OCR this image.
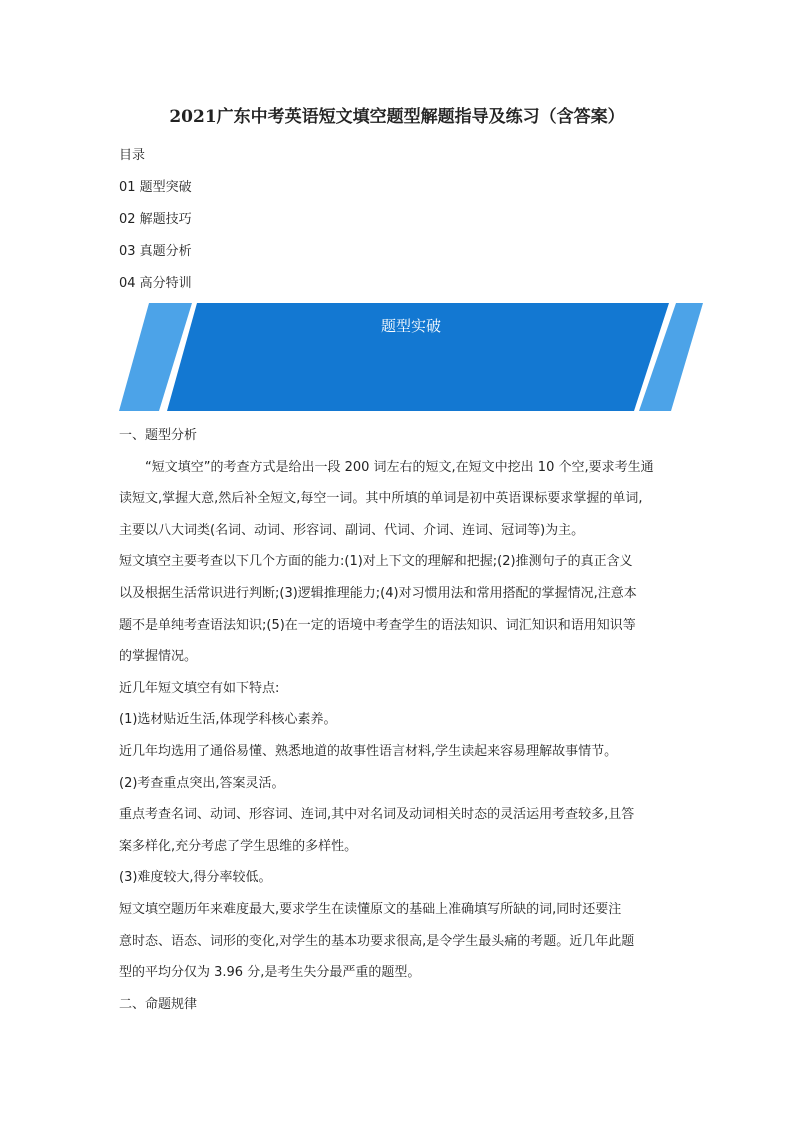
2021广东中考英语短文填空题型解题指导及练习（含答案）
目录
01 题型突破
02 解题技巧
03 真题分析
04 高分特训
题型实破
一、题型分析
“短文填空”的考查方式是给出一段 200 词左右的短文,在短文中挖出 10 个空,要求考生通
读短文,掌握大意,然后补全短文,每空一词。其中所填的单词是初中英语课标要求掌握的单词,
主要以八大词类(名词、动词、形容词、副词、代词、介词、连词、冠词等)为主。
短文填空主要考查以下几个方面的能力:(1)对上下文的理解和把握;(2)推测句子的真正含义
以及根据生活常识进行判断;(3)逻辑推理能力;(4)对习惯用法和常用搭配的掌握情况,注意本
题不是单纯考查语法知识;(5)在一定的语境中考查学生的语法知识、词汇知识和语用知识等
的掌握情况。
近几年短文填空有如下特点:
(1)选材贴近生活,体现学科核心素养。
近几年均选用了通俗易懂、熟悉地道的故事性语言材料,学生读起来容易理解故事情节。
(2)考查重点突出,答案灵活。
重点考查名词、动词、形容词、连词,其中对名词及动词相关时态的灵活运用考查较多,且答
案多样化,充分考虑了学生思维的多样性。
(3)难度较大,得分率较低。
短文填空题历年来难度最大,要求学生在读懂原文的基础上准确填写所缺的词,同时还要注
意时态、语态、词形的变化,对学生的基本功要求很高,是令学生最头痛的考题。近几年此题
型的平均分仅为 3.96 分,是考生失分最严重的题型。
二、命题规律
